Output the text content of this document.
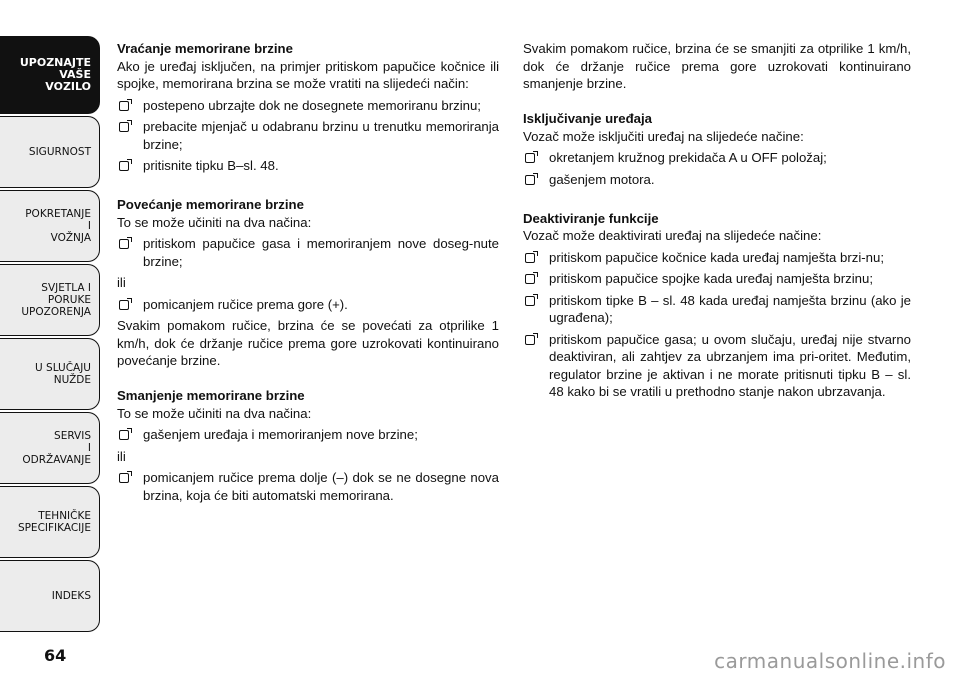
UPOZNAJTE
VAŠE
VOZILO
SIGURNOST
POKRETANJE
I
VOŽNJA
SVJETLA I
PORUKE
UPOZORENJA
U SLUČAJU
NUŽDE
SERVIS
I
ODRŽAVANJE
TEHNIČKE
SPECIFIKACIJE
INDEKS
64

Vraćanje memorirane brzine

Ako je uređaj isključen, na primjer pritiskom papučice kočnice ili spojke, memorirana brzina se može vratiti na slijedeći način:

postepeno ubrzajte dok ne dosegnete memoriranu brzinu;
prebacite mjenjač u odabranu brzinu u trenutku memoriranja brzine;
pritisnite tipku B–sl. 48.

Povećanje memorirane brzine

To se može učiniti na dva načina:

pritiskom papučice gasa i memoriranjem nove doseg-nute brzine;

ili

pomicanjem ručice prema gore (+).

Svakim pomakom ručice, brzina će se povećati za otprilike 1 km/h, dok će držanje ručice prema gore uzrokovati kontinuirano povećanje brzine.

Smanjenje memorirane brzine

To se može učiniti na dva načina:

gašenjem uređaja i memoriranjem nove brzine;

ili

pomicanjem ručice prema dolje (–) dok se ne dosegne nova brzina, koja će biti automatski memorirana.

Svakim pomakom ručice, brzina će se smanjiti za otprilike 1 km/h, dok će držanje ručice prema gore uzrokovati kontinuirano smanjenje brzine.

Isključivanje uređaja

Vozač može isključiti uređaj na slijedeće načine:

okretanjem kružnog prekidača A u OFF položaj;
gašenjem motora.

Deaktiviranje funkcije

Vozač može deaktivirati uređaj na slijedeće načine:

pritiskom papučice kočnice kada uređaj namješta brzi-nu;
pritiskom papučice spojke kada uređaj namješta brzinu;
pritiskom tipke B – sl. 48 kada uređaj namješta brzinu (ako je ugrađena);
pritiskom papučice gasa; u ovom slučaju, uređaj nije stvarno deaktiviran, ali zahtjev za ubrzanjem ima pri-oritet. Međutim, regulator brzine je aktivan i ne morate pritisnuti tipku B – sl. 48 kako bi se vratili u prethodno stanje nakon ubrzavanja.
carmanualsonline.info
